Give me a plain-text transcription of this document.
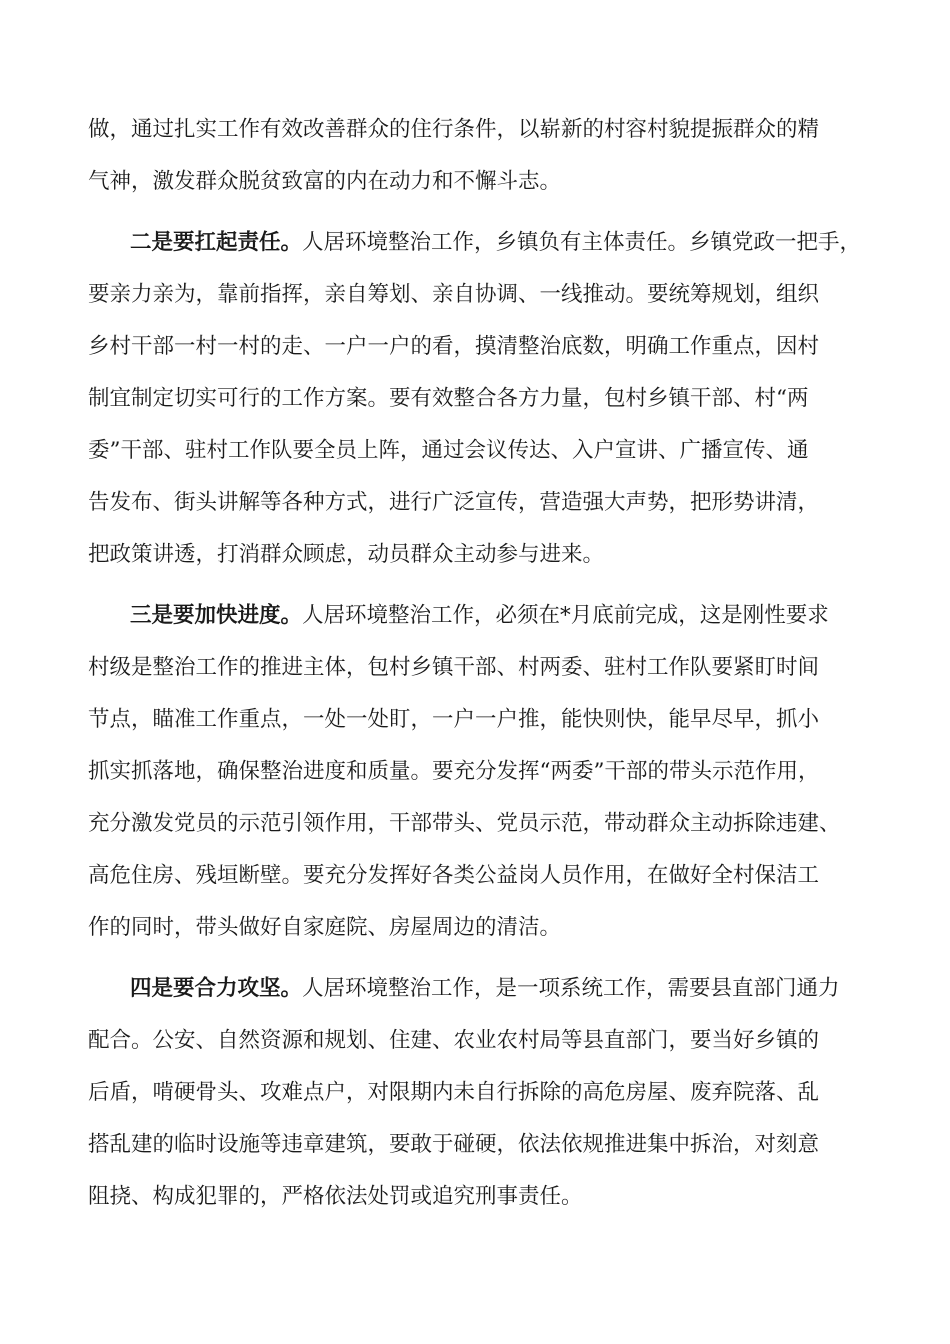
做，通过扎实工作有效改善群众的住行条件，以崭新的村容村貌提振群众的精
气神，激发群众脱贫致富的内在动力和不懈斗志。
二是要扛起责任。人居环境整治工作，乡镇负有主体责任。乡镇党政一把手，
要亲力亲为，靠前指挥，亲自筹划、亲自协调、一线推动。要统筹规划，组织
乡村干部一村一村的走、一户一户的看，摸清整治底数，明确工作重点，因村
制宜制定切实可行的工作方案。要有效整合各方力量，包村乡镇干部、村“两
委”干部、驻村工作队要全员上阵，通过会议传达、入户宣讲、广播宣传、通
告发布、街头讲解等各种方式，进行广泛宣传，营造强大声势，把形势讲清，
把政策讲透，打消群众顾虑，动员群众主动参与进来。
三是要加快进度。人居环境整治工作，必须在*月底前完成，这是刚性要求
村级是整治工作的推进主体，包村乡镇干部、村两委、驻村工作队要紧盯时间
节点，瞄准工作重点，一处一处盯，一户一户推，能快则快，能早尽早，抓小
抓实抓落地，确保整治进度和质量。要充分发挥“两委”干部的带头示范作用，
充分激发党员的示范引领作用，干部带头、党员示范，带动群众主动拆除违建、
高危住房、残垣断壁。要充分发挥好各类公益岗人员作用，在做好全村保洁工
作的同时，带头做好自家庭院、房屋周边的清洁。
四是要合力攻坚。人居环境整治工作，是一项系统工作，需要县直部门通力
配合。公安、自然资源和规划、住建、农业农村局等县直部门，要当好乡镇的
后盾，啃硬骨头、攻难点户，对限期内未自行拆除的高危房屋、废弃院落、乱
搭乱建的临时设施等违章建筑，要敢于碰硬，依法依规推进集中拆治，对刻意
阻挠、构成犯罪的，严格依法处罚或追究刑事责任。
